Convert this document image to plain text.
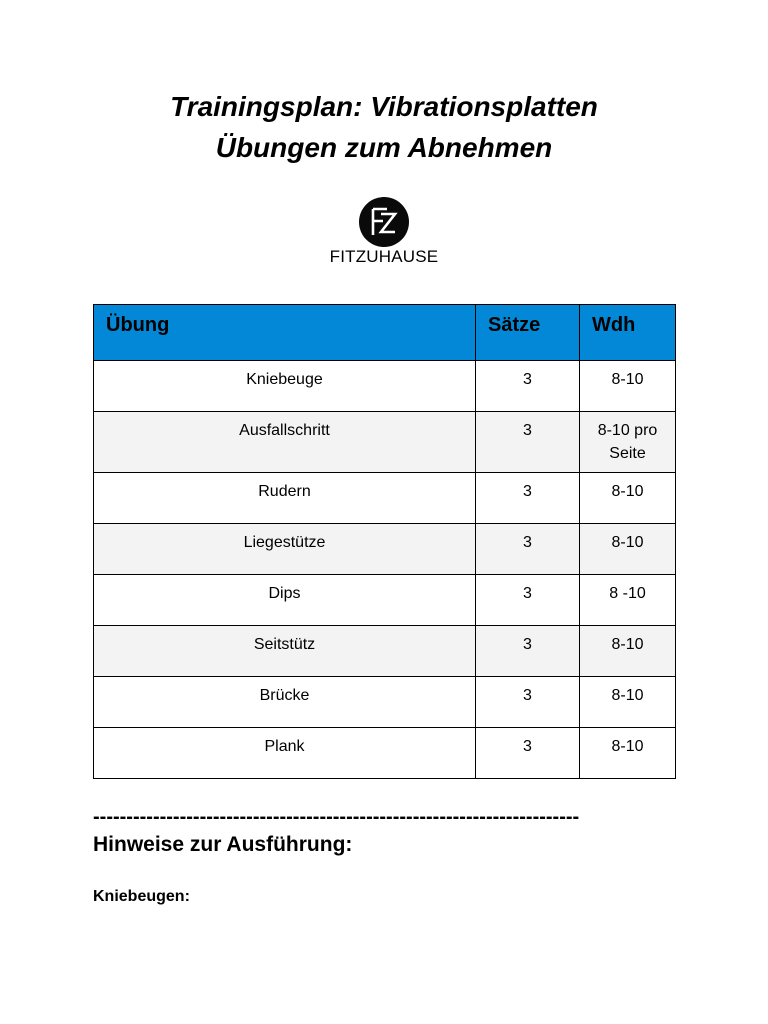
Trainingsplan: Vibrationsplatten
Übungen zum Abnehmen
FITZUHAUSE
Übung	Sätze	Wdh
Kniebeuge	3	8-10
Ausfallschritt	3	8-10 pro Seite
Rudern	3	8-10
Liegestütze	3	8-10
Dips	3	8 -10
Seitstütz	3	8-10
Brücke	3	8-10
Plank	3	8-10
-------------------------------------------------------------------------
Hinweise zur Ausführung:
Kniebeugen:
